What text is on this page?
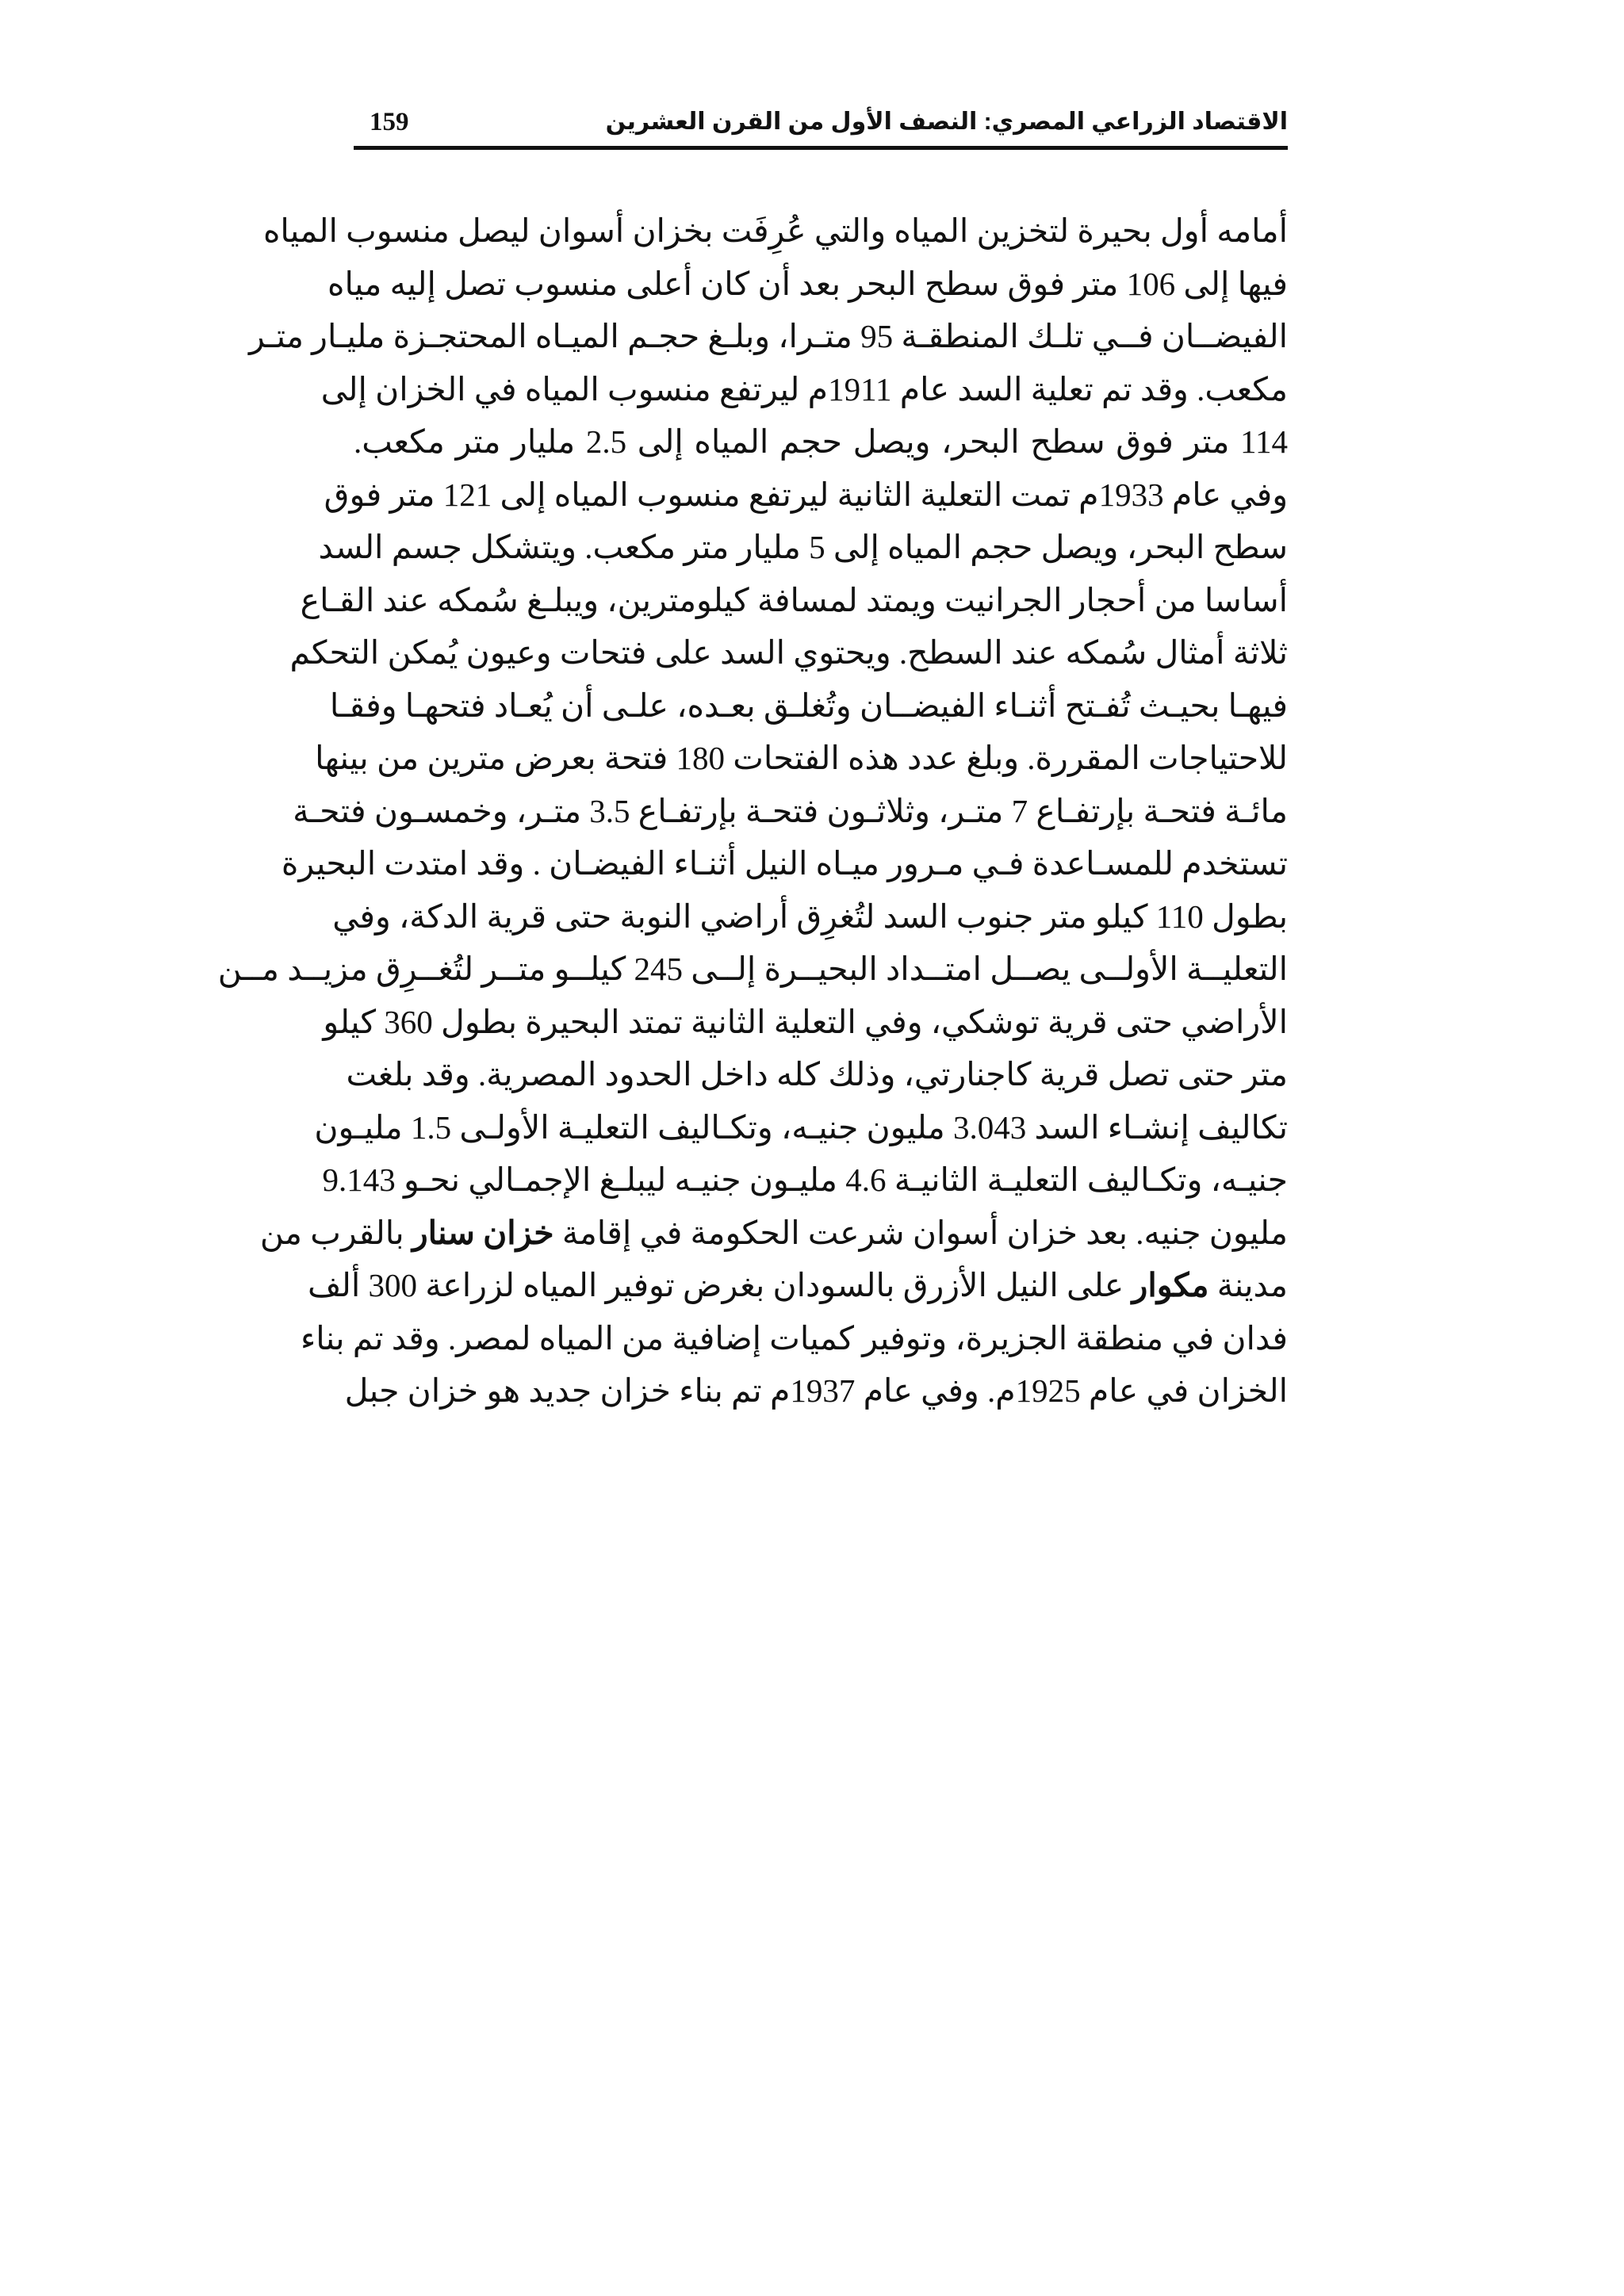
الاقتصاد الزراعي المصري: النصف الأول من القرن العشرين
159
أمامه أول بحيرة لتخزين المياه والتي عُرِفَت بخزان أسوان ليصل منسوب المياه
فيها إلى 106 متر فوق سطح البحر بعد أن كان أعلى منسوب تصل إليه مياه
الفيضــان فــي تلـك المنطقـة 95 متـرا، وبلـغ حجـم الميـاه المحتجـزة مليـار متـر
مكعب. وقد تم تعلية السد عام 1911م ليرتفع منسوب المياه في الخزان إلى
114 متر فوق سطح البحر، ويصل حجم المياه إلى 2.5 مليار متر مكعب.
وفي عام 1933م تمت التعلية الثانية ليرتفع منسوب المياه إلى 121 متر فوق
سطح البحر، ويصل حجم المياه إلى 5 مليار متر مكعب. ويتشكل جسم السد
أساسا من أحجار الجرانيت ويمتد لمسافة كيلومترين، ويبلـغ سُمكه عند القـاع
ثلاثة أمثال سُمكه عند السطح. ويحتوي السد على فتحات وعيون يُمكن التحكم
فيهـا بحيـث تُفـتح أثنـاء الفيضــان وتُغلـق بعـده، علـى أن يُعـاد فتحهـا وفقـا
للاحتياجات المقررة. وبلغ عدد هذه الفتحات 180 فتحة بعرض مترين من بينها
مائـة فتحـة بإرتفـاع 7 متـر، وثلاثـون فتحـة بإرتفـاع 3.5 متـر، وخمسـون فتحـة
تستخدم للمسـاعدة فـي مـرور ميـاه النيل أثنـاء الفيضـان . وقد امتدت البحيرة
بطول 110 كيلو متر جنوب السد لتُغرِق أراضي النوبة حتى قرية الدكة، وفي
التعليــة الأولــى يصــل امتــداد البحيــرة إلــى 245 كيلــو متــر لتُغــرِق مزيــد مــن
الأراضي حتى قرية توشكي، وفي التعلية الثانية تمتد البحيرة بطول 360 كيلو
متر حتى تصل قرية كاجنارتي، وذلك كله داخل الحدود المصرية. وقد بلغت
تكاليف إنشـاء السد 3.043 مليون جنيـه، وتكـاليف التعليـة الأولـى 1.5 مليـون
جنيـه، وتكـاليف التعليـة الثانيـة 4.6 مليـون جنيـه ليبلـغ الإجمـالي نحـو 9.143
مليون جنيه. بعد خزان أسوان شرعت الحكومة في إقامة خزان سنار بالقرب من
مدينة مكوار على النيل الأزرق بالسودان بغرض توفير المياه لزراعة 300 ألف
فدان في منطقة الجزيرة، وتوفير كميات إضافية من المياه لمصر. وقد تم بناء
الخزان في عام 1925م. وفي عام 1937م تم بناء خزان جديد هو خزان جبل
